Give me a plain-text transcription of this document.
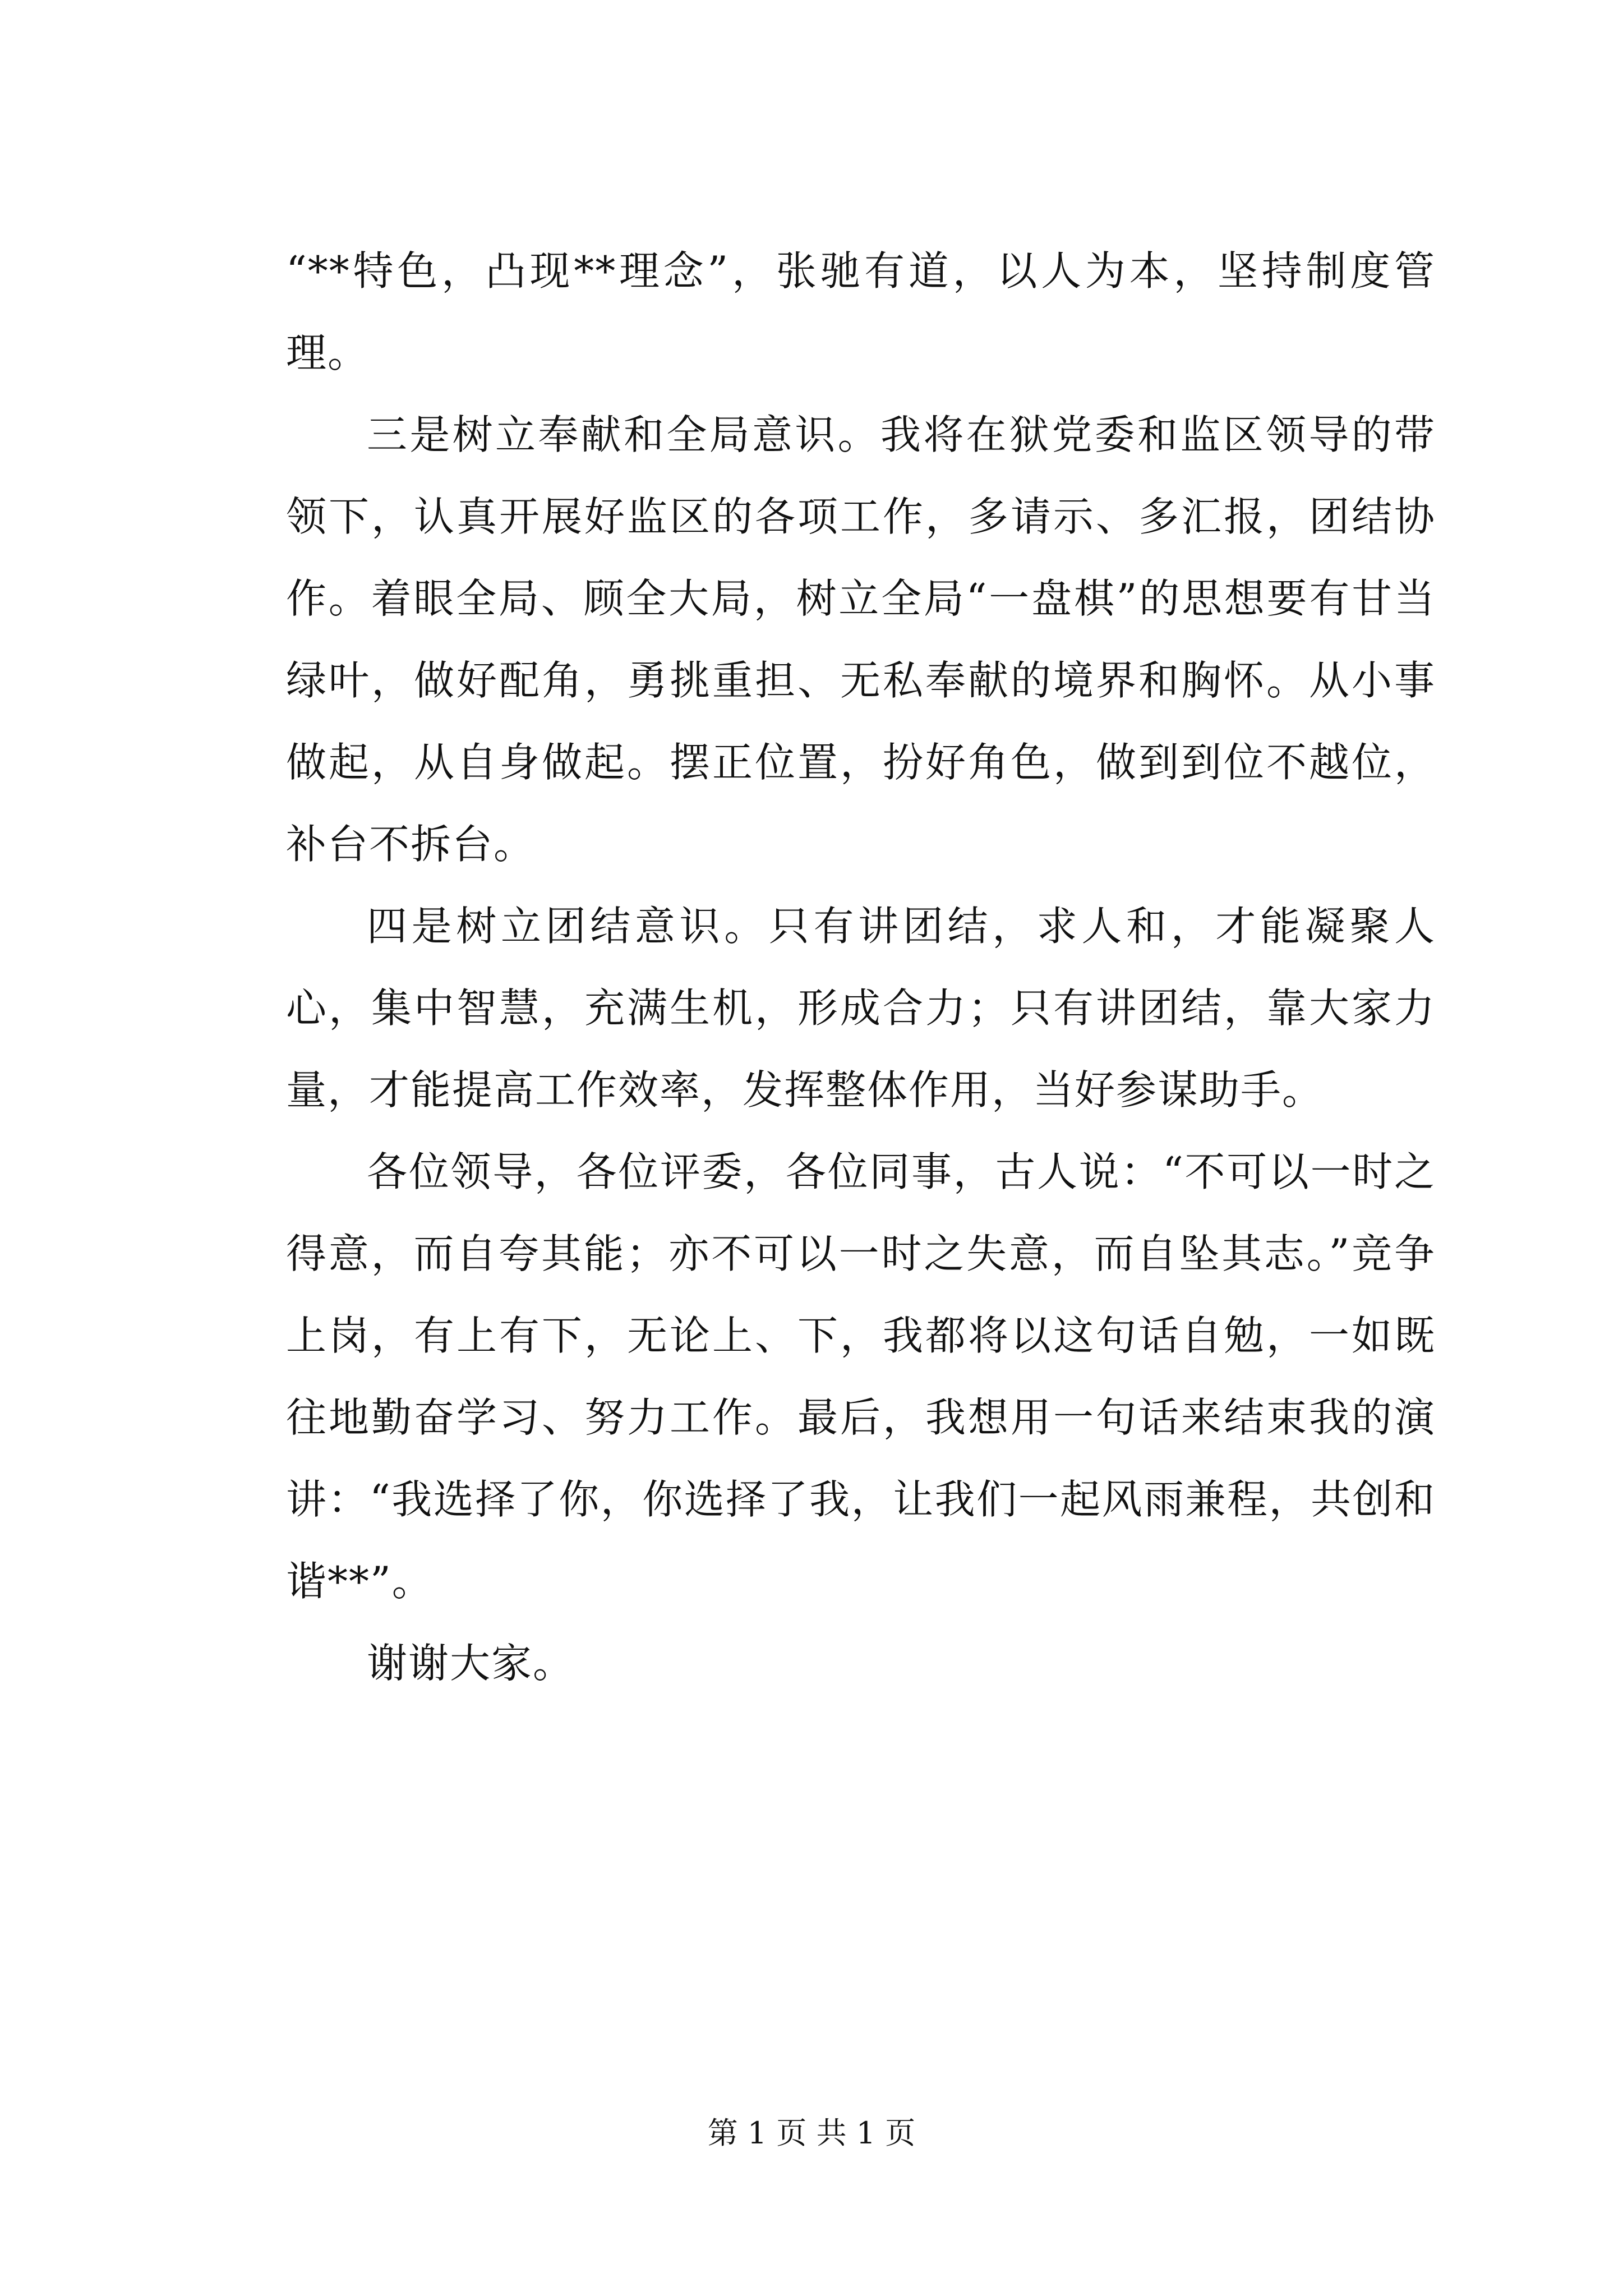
“**特色，凸现**理念”，张驰有道，以人为本，坚持制度管理。

三是树立奉献和全局意识。我将在狱党委和监区领导的带领下，认真开展好监区的各项工作，多请示、多汇报，团结协作。着眼全局、顾全大局，树立全局“一盘棋”的思想要有甘当绿叶，做好配角，勇挑重担、无私奉献的境界和胸怀。从小事做起，从自身做起。摆正位置，扮好角色，做到到位不越位，补台不拆台。

四是树立团结意识。只有讲团结，求人和，才能凝聚人心，集中智慧，充满生机，形成合力；只有讲团结，靠大家力量，才能提高工作效率，发挥整体作用，当好参谋助手。

各位领导，各位评委，各位同事，古人说：“不可以一时之得意，而自夸其能；亦不可以一时之失意，而自坠其志。”竞争上岗，有上有下，无论上、下，我都将以这句话自勉，一如既往地勤奋学习、努力工作。最后，我想用一句话来结束我的演讲：“我选择了你，你选择了我，让我们一起风雨兼程，共创和谐**”。

谢谢大家。

第 1 页 共 1 页
